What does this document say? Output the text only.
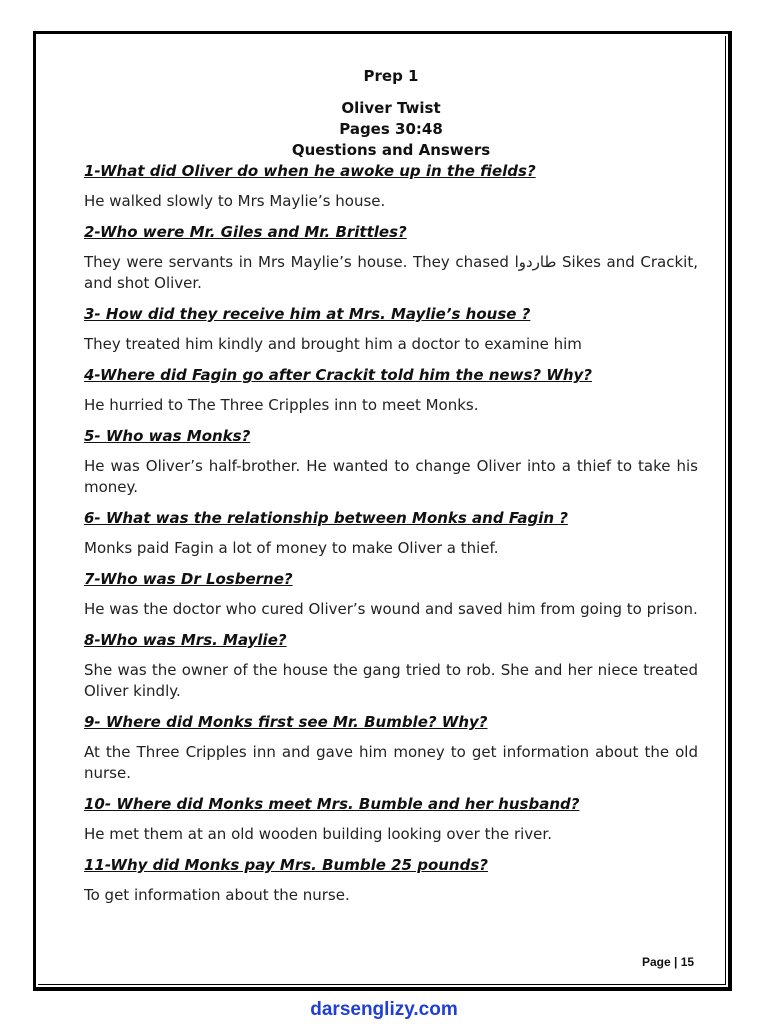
Prep 1
Oliver Twist
Pages 30:48
Questions and Answers

1-What did Oliver do when he awoke up in the fields?

He walked slowly to Mrs Maylie’s house.

2-Who were Mr. Giles and Mr. Brittles?

They were servants in Mrs Maylie’s house. They chased طاردوا Sikes and Crackit, and shot Oliver.

3- How did they receive him at Mrs. Maylie’s house ?

They treated him kindly and brought him a doctor to examine him

4-Where did Fagin go after Crackit told him the news? Why?

He hurried to The Three Cripples inn to meet Monks.

5- Who was Monks?

He was Oliver’s half-brother. He wanted to change Oliver into a thief to take his money.

6- What was the relationship between Monks and Fagin ?

Monks paid Fagin a lot of money to make Oliver a thief.

7-Who was Dr Losberne?

He was the doctor who cured Oliver’s wound and saved him from going to prison.

8-Who was Mrs. Maylie?

She was the owner of the house the gang tried to rob. She and her niece treated Oliver kindly.

9- Where did Monks first see Mr. Bumble? Why?

At the Three Cripples inn and gave him money to get information about the old nurse.

10- Where did Monks meet Mrs. Bumble and her husband?

He met them at an old wooden building looking over the river.

11-Why did Monks pay Mrs. Bumble 25 pounds?

To get information about the nurse.

Page | 15
darsenglizy.com
